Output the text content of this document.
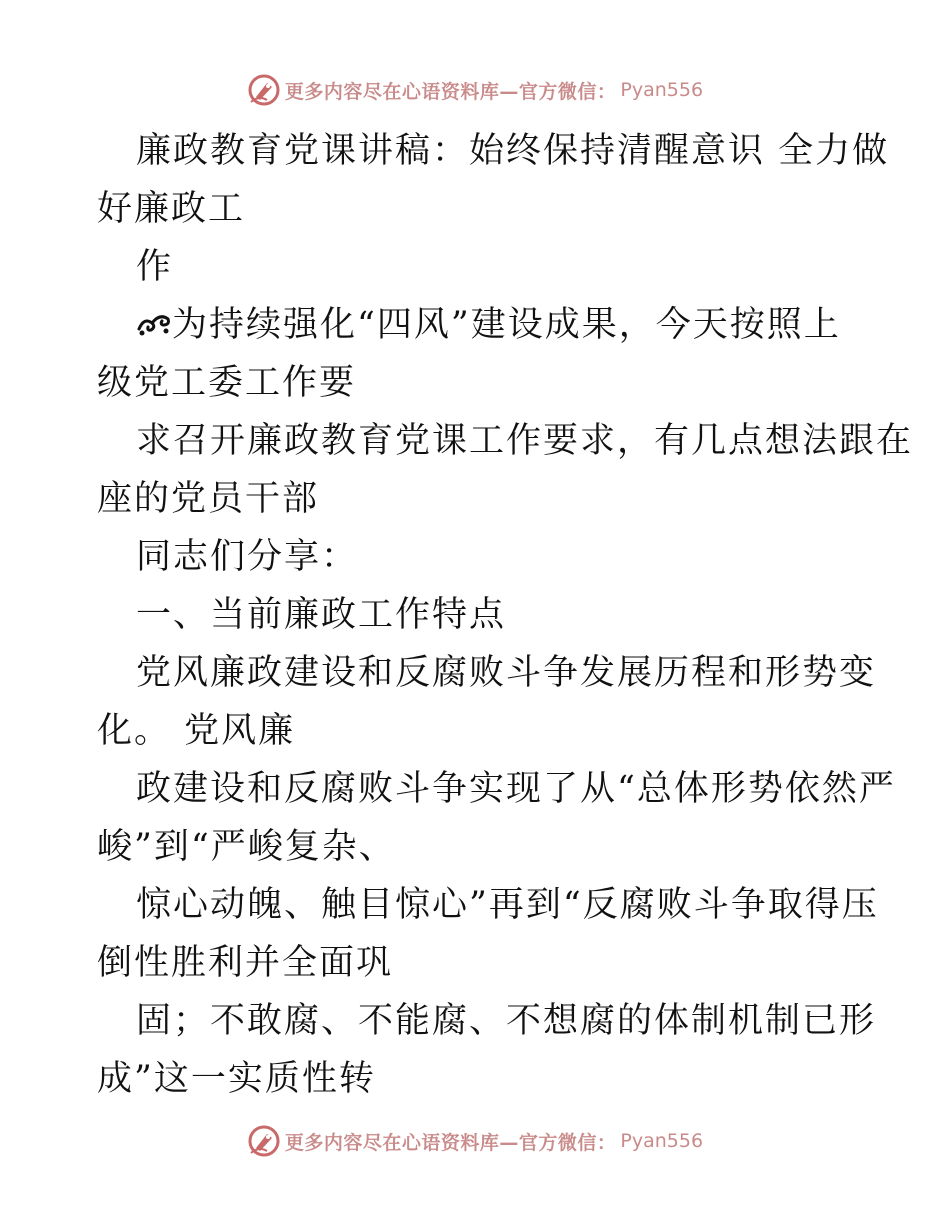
更多内容尽在心语资料库—官方微信： Pyan556
廉政教育党课讲稿：始终保持清醒意识 全力做
好廉政工
作
为持续强化“四风”建设成果，今天按照上
级党工委工作要
求召开廉政教育党课工作要求，有几点想法跟在
座的党员干部
同志们分享：
一、当前廉政工作特点
党风廉政建设和反腐败斗争发展历程和形势变
化。 党风廉
政建设和反腐败斗争实现了从“总体形势依然严
峻”到“严峻复杂、
惊心动魄、触目惊心”再到“反腐败斗争取得压
倒性胜利并全面巩
固；不敢腐、不能腐、不想腐的体制机制已形
成”这一实质性转
更多内容尽在心语资料库—官方微信： Pyan556
